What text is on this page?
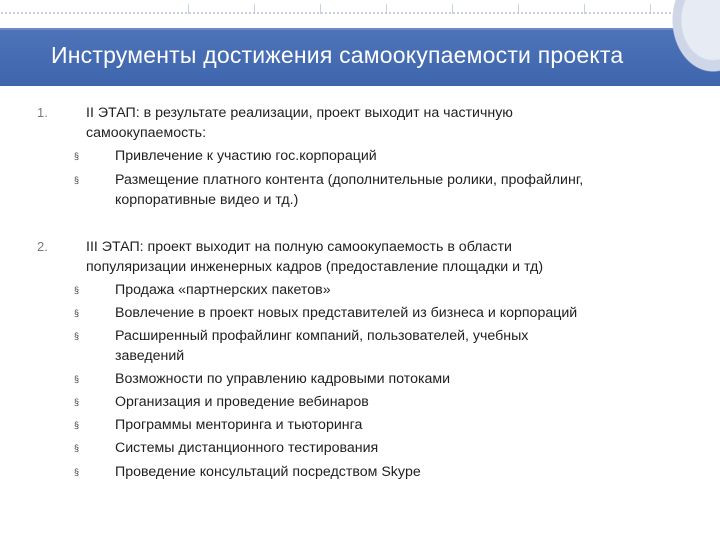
Инструменты достижения самоокупаемости проекта
1.	II ЭТАП: в результате реализации, проект выходит на частичную
самоокупаемость:
§	Привлечение к участию гос.корпораций
§	Размещение платного контента (дополнительные ролики, профайлинг,
корпоративные видео и тд.)
2.	III ЭТАП: проект выходит на полную самоокупаемость в области
популяризации инженерных кадров (предоставление площадки и тд)
§	Продажа «партнерских пакетов»
§	Вовлечение в проект новых представителей из бизнеса и корпораций
§	Расширенный профайлинг компаний, пользователей, учебных
заведений
§	Возможности по управлению кадровыми потоками
§	Организация и проведение вебинаров
§	Программы менторинга и тьюторинга
§	Системы дистанционного тестирования
§	Проведение консультаций посредством Skype
